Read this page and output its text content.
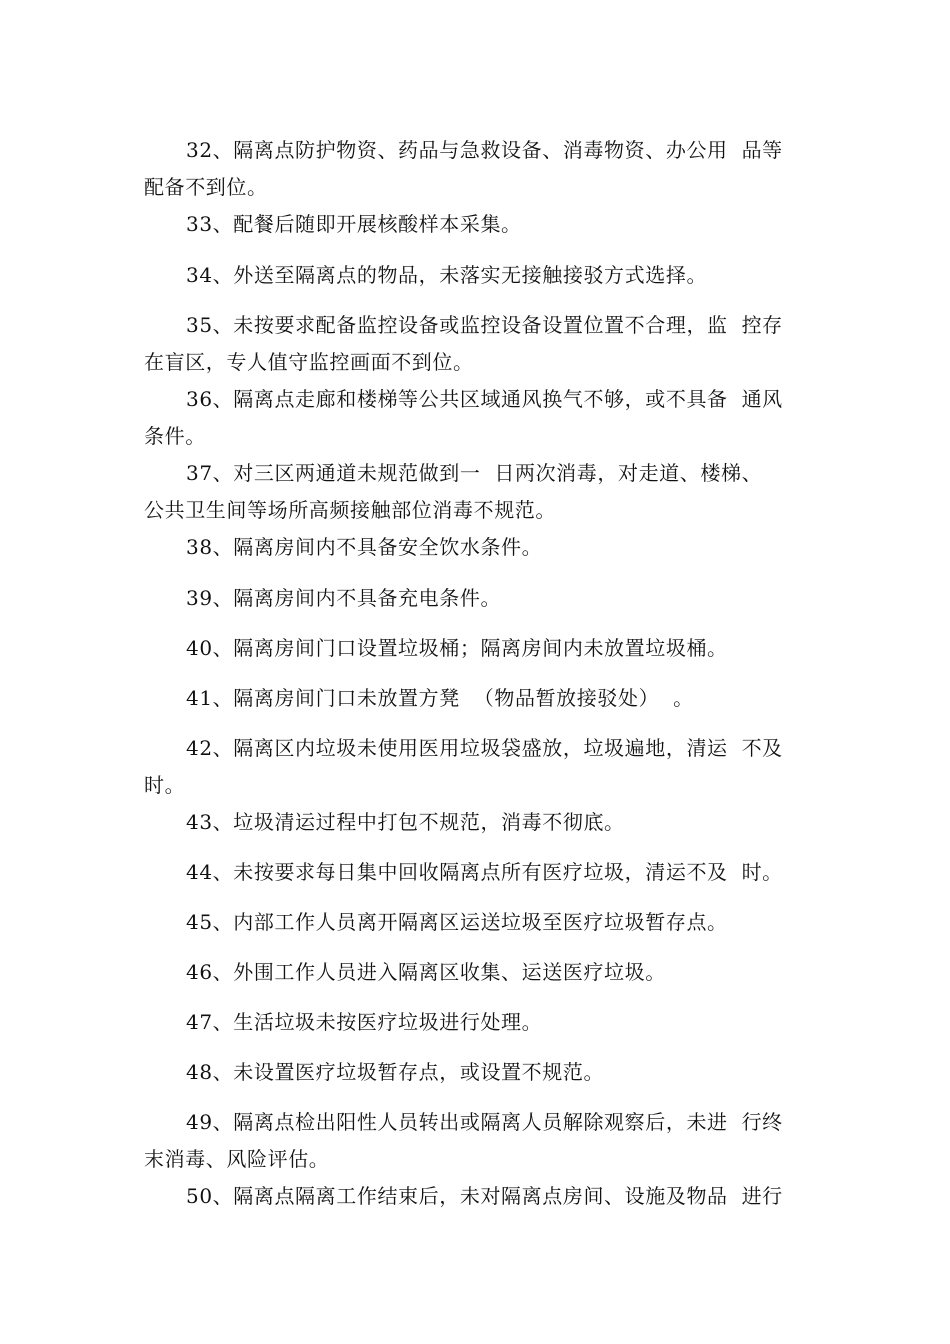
32、隔离点防护物资、药品与急救设备、消毒物资、办公用  品等
配备不到位。
33、配餐后随即开展核酸样本采集。
34、外送至隔离点的物品，未落实无接触接驳方式选择。
35、未按要求配备监控设备或监控设备设置位置不合理，监  控存
在盲区，专人值守监控画面不到位。
36、隔离点走廊和楼梯等公共区域通风换气不够，或不具备  通风
条件。
37、对三区两通道未规范做到一  日两次消毒，对走道、楼梯、
公共卫生间等场所高频接触部位消毒不规范。
38、隔离房间内不具备安全饮水条件。
39、隔离房间内不具备充电条件。
40、隔离房间门口设置垃圾桶；隔离房间内未放置垃圾桶。
41、隔离房间门口未放置方凳  （物品暂放接驳处）  。
42、隔离区内垃圾未使用医用垃圾袋盛放，垃圾遍地，清运  不及
时。
43、垃圾清运过程中打包不规范，消毒不彻底。
44、未按要求每日集中回收隔离点所有医疗垃圾，清运不及  时。
45、内部工作人员离开隔离区运送垃圾至医疗垃圾暂存点。
46、外围工作人员进入隔离区收集、运送医疗垃圾。
47、生活垃圾未按医疗垃圾进行处理。
48、未设置医疗垃圾暂存点，或设置不规范。
49、隔离点检出阳性人员转出或隔离人员解除观察后，未进  行终
末消毒、风险评估。
50、隔离点隔离工作结束后，未对隔离点房间、设施及物品  进行
